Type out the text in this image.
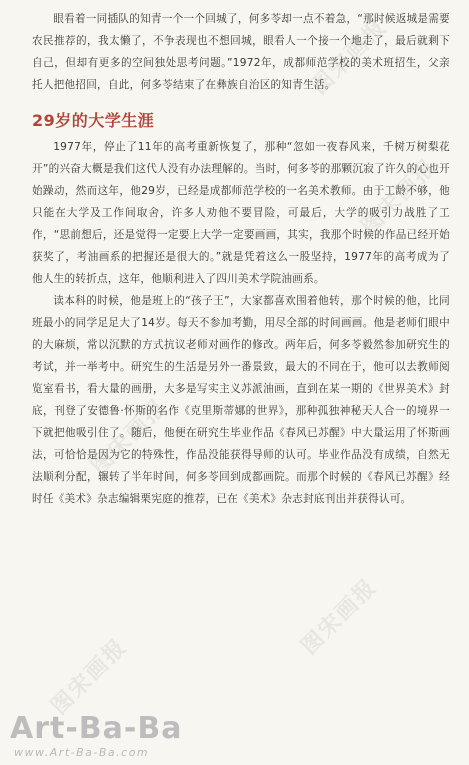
图宋画报
图宋画报
图宋画报
图宋画报
图宋画报

眼看着一同插队的知青一个一个回城了，何多苓却一点不着急，“那时候返城是需要农民推荐的，我太懒了，不争表现也不想回城，眼看人一个接一个地走了，最后就剩下自己，但却有更多的空间独处思考问题。”1972年，成都师范学校的美术班招生，父亲托人把他招回，自此，何多苓结束了在彝族自治区的知青生活。

29岁的大学生涯

1977年，停止了11年的高考重新恢复了，那种“忽如一夜春风来，千树万树梨花开”的兴奋大概是我们这代人没有办法理解的。当时，何多苓的那颗沉寂了许久的心也开始躁动，然而这年，他29岁，已经是成都师范学校的一名美术教师。由于工龄不够，他只能在大学及工作间取舍，许多人劝他不要冒险，可最后，大学的吸引力战胜了工作，“思前想后，还是觉得一定要上大学一定要画画，其实，我那个时候的作品已经开始获奖了，考油画系的把握还是很大的。”就是凭着这么一股坚持，1977年的高考成为了他人生的转折点，这年，他顺利进入了四川美术学院油画系。

读本科的时候，他是班上的“孩子王”，大家都喜欢围着他转，那个时候的他，比同班最小的同学足足大了14岁。每天不参加考勤，用尽全部的时间画画。他是老师们眼中的大麻烦，常以沉默的方式抗议老师对画作的修改。两年后，何多苓毅然参加研究生的考试，并一举考中。研究生的生活是另外一番景致，最大的不同在于，他可以去教师阅览室看书，看大量的画册，大多是写实主义苏派油画，直到在某一期的《世界美术》封底，刊登了安德鲁·怀斯的名作《克里斯蒂娜的世界》，那种孤独神秘天人合一的境界一下就把他吸引住了。随后，他便在研究生毕业作品《春风已苏醒》中大量运用了怀斯画法，可恰恰是因为它的特殊性，作品没能获得导师的认可。毕业作品没有成绩，自然无法顺利分配，辗转了半年时间，何多苓回到成都画院。而那个时候的《春风已苏醒》经时任《美术》杂志编辑栗宪庭的推荐，已在《美术》杂志封底刊出并获得认可。

Art-Ba-Ba
www.Art-Ba-Ba.com
